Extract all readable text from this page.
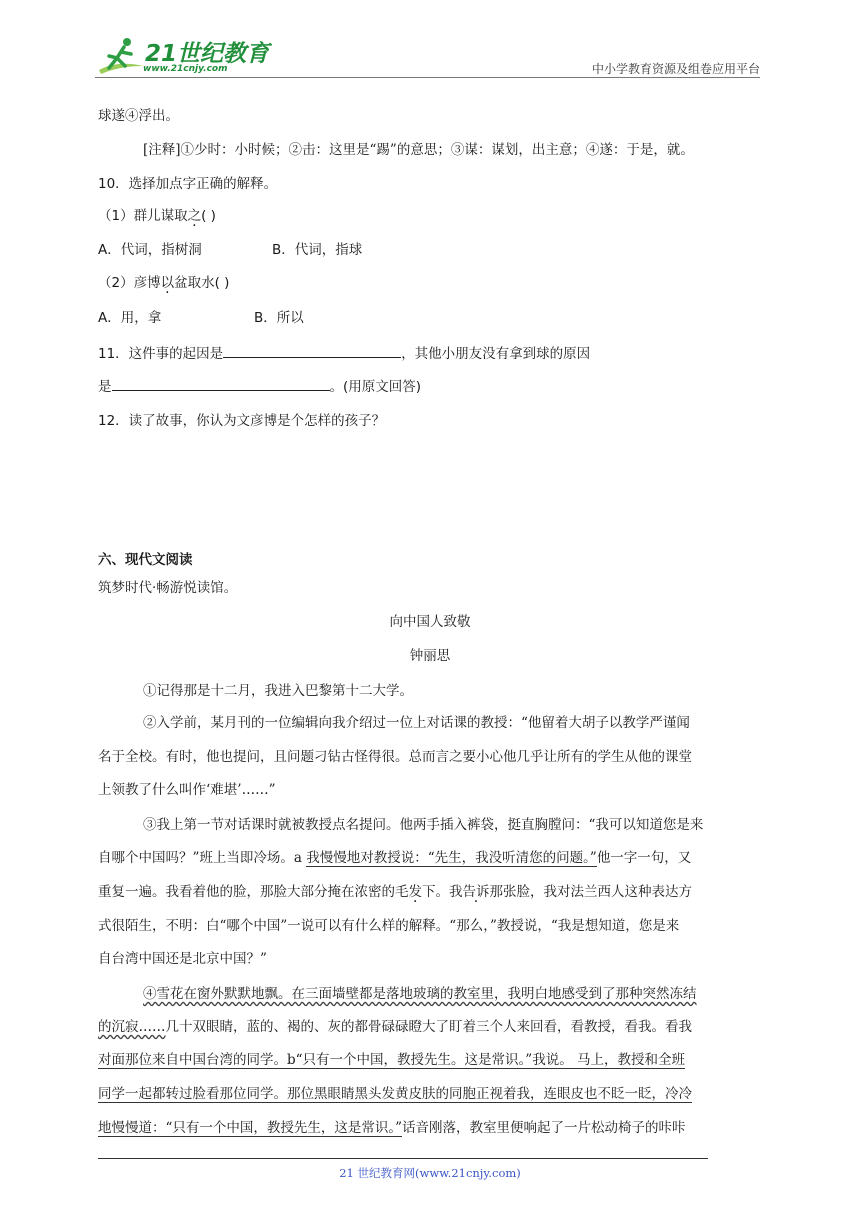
21世纪教育
www.21cnjy.com	中小学教育资源及组卷应用平台
球遂④浮出。
[注释]①少时：小时候；②击：这里是“踢”的意思；③谋：谋划，出主意；④遂：于是，就。
10．选择加点字正确的解释。
（1）群儿谋取之( )
A．代词，指树洞	B．代词，指球
（2）彦博以盆取水( )
A．用，拿	B．所以
11．这件事的起因是	，其他小朋友没有拿到球的原因
是	。(用原文回答)
12．读了故事，你认为文彦博是个怎样的孩子？
六、现代文阅读
筑梦时代·畅游悦读馆。
向中国人致敬
钟丽思
①记得那是十二月，我进入巴黎第十二大学。
②入学前，某月刊的一位编辑向我介绍过一位上对话课的教授：“他留着大胡子以教学严谨闻
名于全校。有时，他也提问，且问题刁钻古怪得很。总而言之要小心他几乎让所有的学生从他的课堂
上领教了什么叫作‘难堪’……”
③我上第一节对话课时就被教授点名提问。他两手插入裤袋，挺直胸膛问：“我可以知道您是来
自哪个中国吗？”班上当即冷场。a 我慢慢地对教授说：“先生，我没听清您的问题。”他一字一句，又
重复一遍。我看着他的脸，那脸大部分掩在浓密的毛发下。我告诉那张脸，我对法兰西人这种表达方
式很陌生，不明：白“哪个中国”一说可以有什么样的解释。“那么，”教授说，“我是想知道，您是来
自台湾中国还是北京中国？”
④雪花在窗外默默地飘。在三面墙壁都是落地玻璃的教室里，我明白地感受到了那种突然冻结
的沉寂……几十双眼睛，蓝的、褐的、灰的都骨碌碌瞪大了盯着三个人来回看，看教授，看我。看我
对面那位来自中国台湾的同学。b“只有一个中国，教授先生。这是常识。”我说。 马上，教授和全班
同学一起都转过脸看那位同学。那位黑眼睛黑头发黄皮肤的同胞正视着我，连眼皮也不眨一眨，冷冷
地慢慢道：“只有一个中国，教授先生，这是常识。”话音刚落，教室里便响起了一片松动椅子的咔咔
21 世纪教育网(www.21cnjy.com)
